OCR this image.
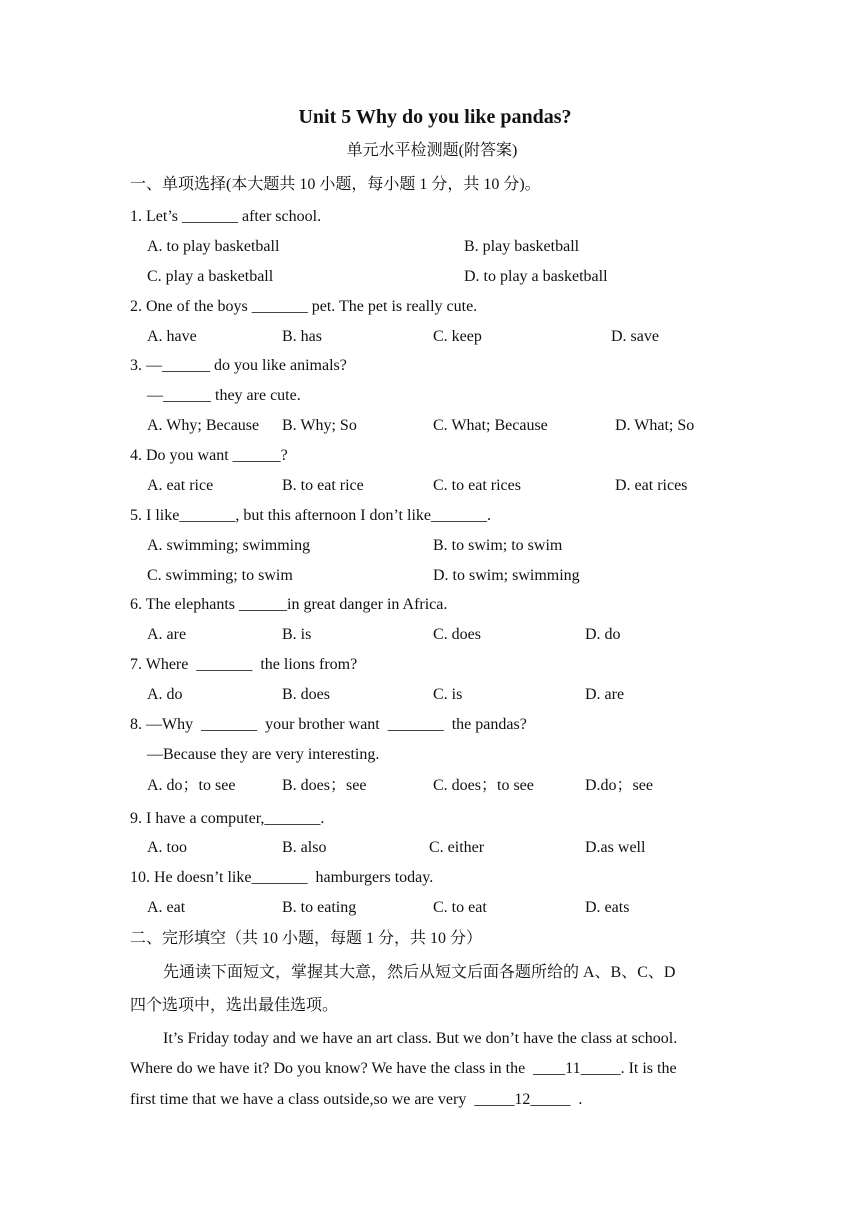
Unit 5 Why do you like pandas?
单元水平检测题(附答案)
一、单项选择(本大题共 10 小题，每小题 1 分，共 10 分)。
1. Let’s _______ after school.
A. to play basketball	B. play basketball
C. play a basketball	D. to play a basketball
2. One of the boys _______ pet. The pet is really cute.
A. have	B. has	C. keep	D. save
3. —______ do you like animals?
—______ they are cute.
A. Why; Because B. Why; So	C. What; Because	D. What; So
4. Do you want ______?
A. eat rice	B. to eat rice	C. to eat rices	D. eat rices
5. I like_______, but this afternoon I don’t like_______.
A. swimming; swimming	B. to swim; to swim
C. swimming; to swim	D. to swim; swimming
6. The elephants ______in great danger in Africa.
A. are	B. is	C. does	D. do
7. Where  _______  the lions from?
A. do	B. does	C. is	D. are
8. —Why  _______  your brother want  _______  the pandas?
—Because they are very interesting.
A. do；to see	B. does；see	C. does；to see	D.do；see
9. I have a computer,_______.
A. too	B. also	C. either	D.as well
10. He doesn’t like_______  hamburgers today.
A. eat	B. to eating	C. to eat	D. eats
二、完形填空（共 10 小题，每题 1 分，共 10 分）
先通读下面短文，掌握其大意，然后从短文后面各题所给的 A、B、C、D
四个选项中，选出最佳选项。
It’s Friday today and we have an art class. But we don’t have the class at school.
Where do we have it? Do you know? We have the class in the  ____11_____. It is the
first time that we have a class outside,so we are very  _____12_____  .
